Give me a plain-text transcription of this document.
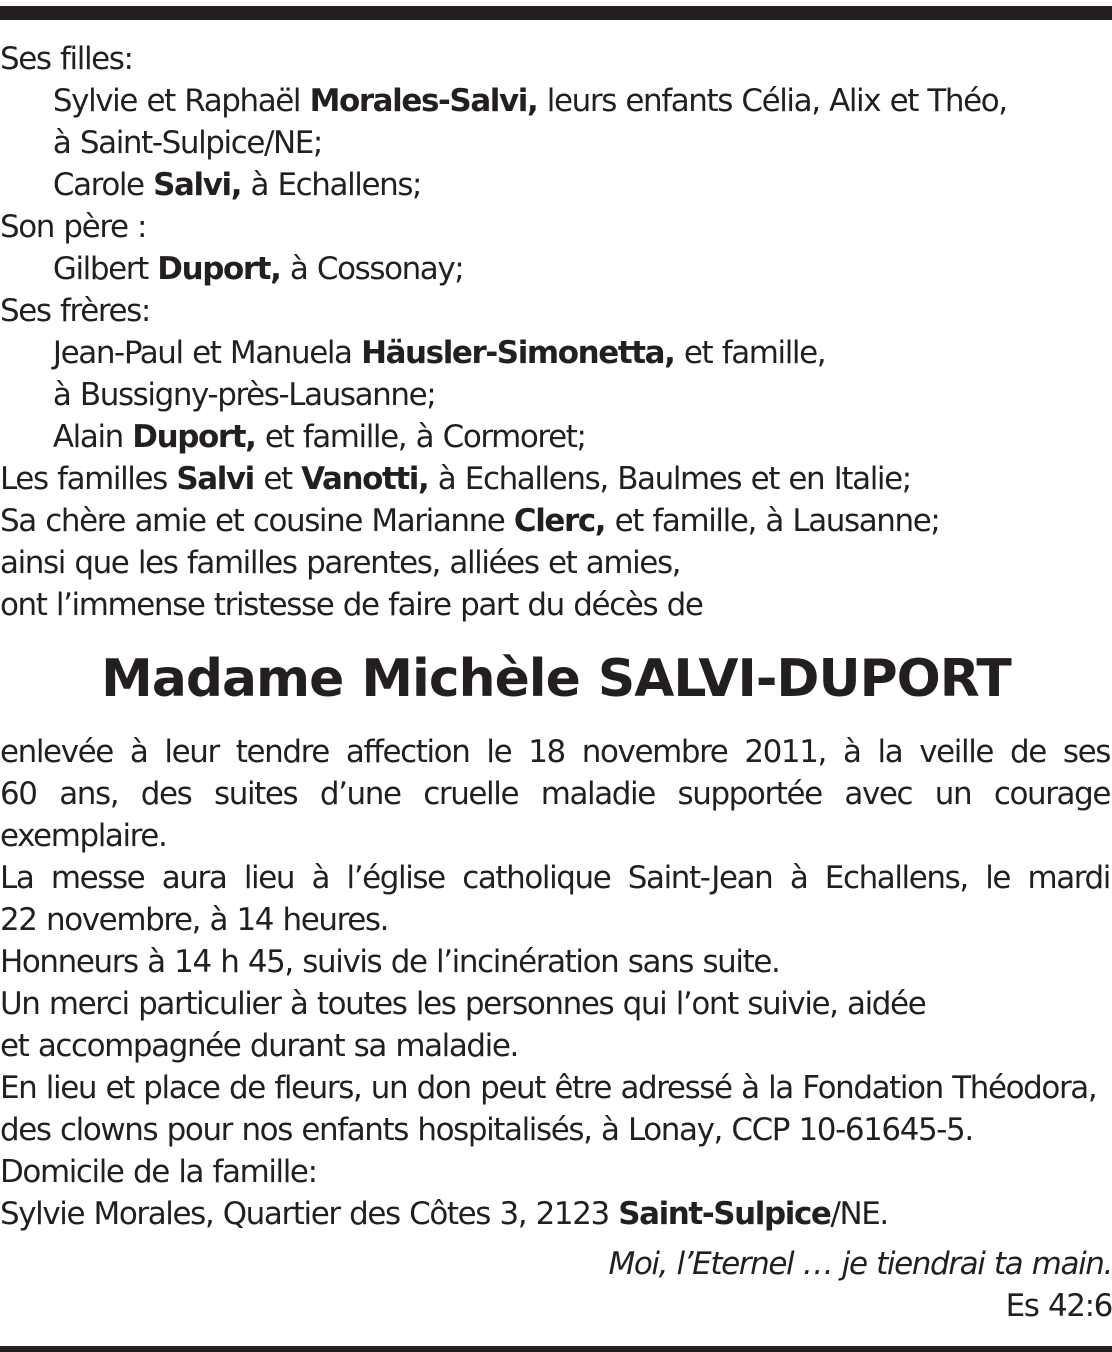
Ses filles:
Sylvie et Raphaël Morales-Salvi, leurs enfants Célia, Alix et Théo,
à Saint-Sulpice/NE;
Carole Salvi, à Echallens;
Son père :
Gilbert Duport, à Cossonay;
Ses frères:
Jean-Paul et Manuela Häusler-Simonetta, et famille,
à Bussigny-près-Lausanne;
Alain Duport, et famille, à Cormoret;
Les familles Salvi et Vanotti, à Echallens, Baulmes et en Italie;
Sa chère amie et cousine Marianne Clerc, et famille, à Lausanne;
ainsi que les familles parentes, alliées et amies,
ont l’immense tristesse de faire part du décès de
Madame Michèle SALVI-DUPORT
enlevée à leur tendre affection le 18 novembre 2011, à la veille de ses
60 ans, des suites d’une cruelle maladie supportée avec un courage
exemplaire.
La messe aura lieu à l’église catholique Saint-Jean à Echallens, le mardi
22 novembre, à 14 heures.
Honneurs à 14 h 45, suivis de l’incinération sans suite.
Un merci particulier à toutes les personnes qui l’ont suivie, aidée
et accompagnée durant sa maladie.
En lieu et place de fleurs, un don peut être adressé à la Fondation Théodora,
des clowns pour nos enfants hospitalisés, à Lonay, CCP 10-61645-5.
Domicile de la famille:
Sylvie Morales, Quartier des Côtes 3, 2123 Saint-Sulpice/NE.
Moi, l’Eternel … je tiendrai ta main.
Es 42:6
